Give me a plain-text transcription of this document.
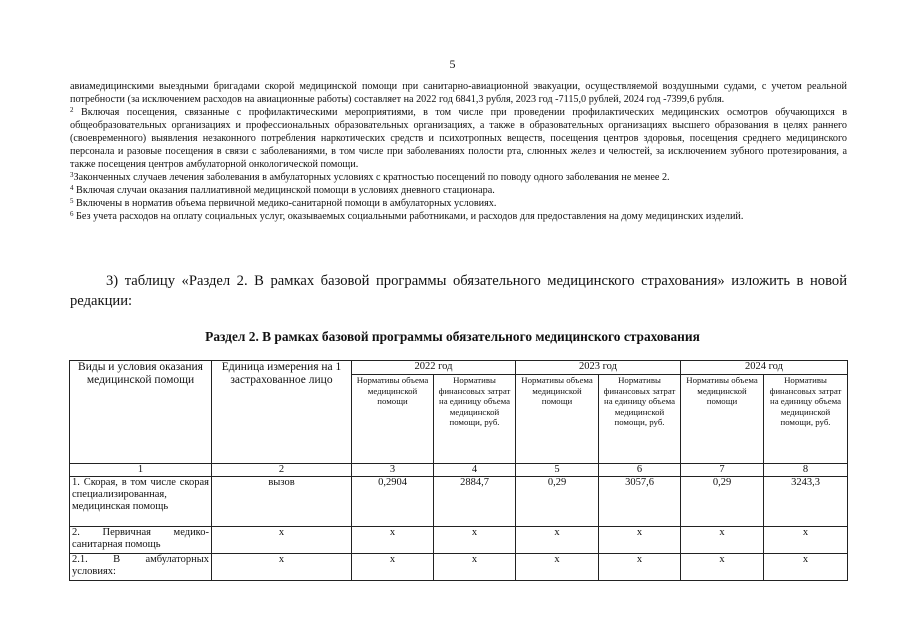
5

авиамедицинскими выездными бригадами скорой медицинской помощи при санитарно-авиационной эвакуации, осуществляемой воздушными судами, с учетом реальной потребности (за исключением расходов на авиационные работы) составляет на 2022 год 6841,3 рубля, 2023 год -7115,0 рублей, 2024 год -7399,6 рубля.

$^2$ Включая посещения, связанные с профилактическими мероприятиями, в том числе при проведении профилактических медицинских осмотров обучающихся в общеобразовательных организациях и профессиональных образовательных организациях, а также в образовательных организациях высшего образования в целях раннего (своевременного) выявления незаконного потребления наркотических средств и психотропных веществ, посещения центров здоровья, посещения среднего медицинского персонала и разовые посещения в связи с заболеваниями, в том числе при заболеваниях полости рта, слюнных желез и челюстей, за исключением зубного протезирования, а также посещения центров амбулаторной онкологической помощи.

$^3$Законченных случаев лечения заболевания в амбулаторных условиях с кратностью посещений по поводу одного заболевания не менее 2.

$^4$ Включая случаи оказания паллиативной медицинской помощи в условиях дневного стационара.

$^5$ Включены в норматив объема первичной медико-санитарной помощи в амбулаторных условиях.

$^6$ Без учета расходов на оплату социальных услуг, оказываемых социальными работниками, и расходов для предоставления на дому медицинских изделий.

3) таблицу «Раздел 2. В рамках базовой программы обязательного медицинского страхования» изложить в новой редакции:
Раздел 2. В рамках базовой программы обязательного медицинского страхования
Виды и условия оказания медицинской помощи	Единица измерения на 1 застрахованное лицо	2022 год		2023 год		2024 год	
		Нормативы объема медицинской помощи	Нормативы финансовых затрат на единицу объема медицинской помощи, руб.	Нормативы объема медицинской помощи	Нормативы финансовых затрат на единицу объема медицинской помощи, руб.	Нормативы объема медицинской помощи	Нормативы финансовых затрат на единицу объема медицинской помощи, руб.
1	2	3	4	5	6	7	8
1. Скорая, в том числе скорая специализированная, медицинская помощь	вызов	0,2904	2884,7	0,29	3057,6	0,29	3243,3
2. Первичная медико-санитарная помощь	х	х	х	х	х	х	х
2.1. В амбулаторных условиях:	х	х	х	х	х	х	х
